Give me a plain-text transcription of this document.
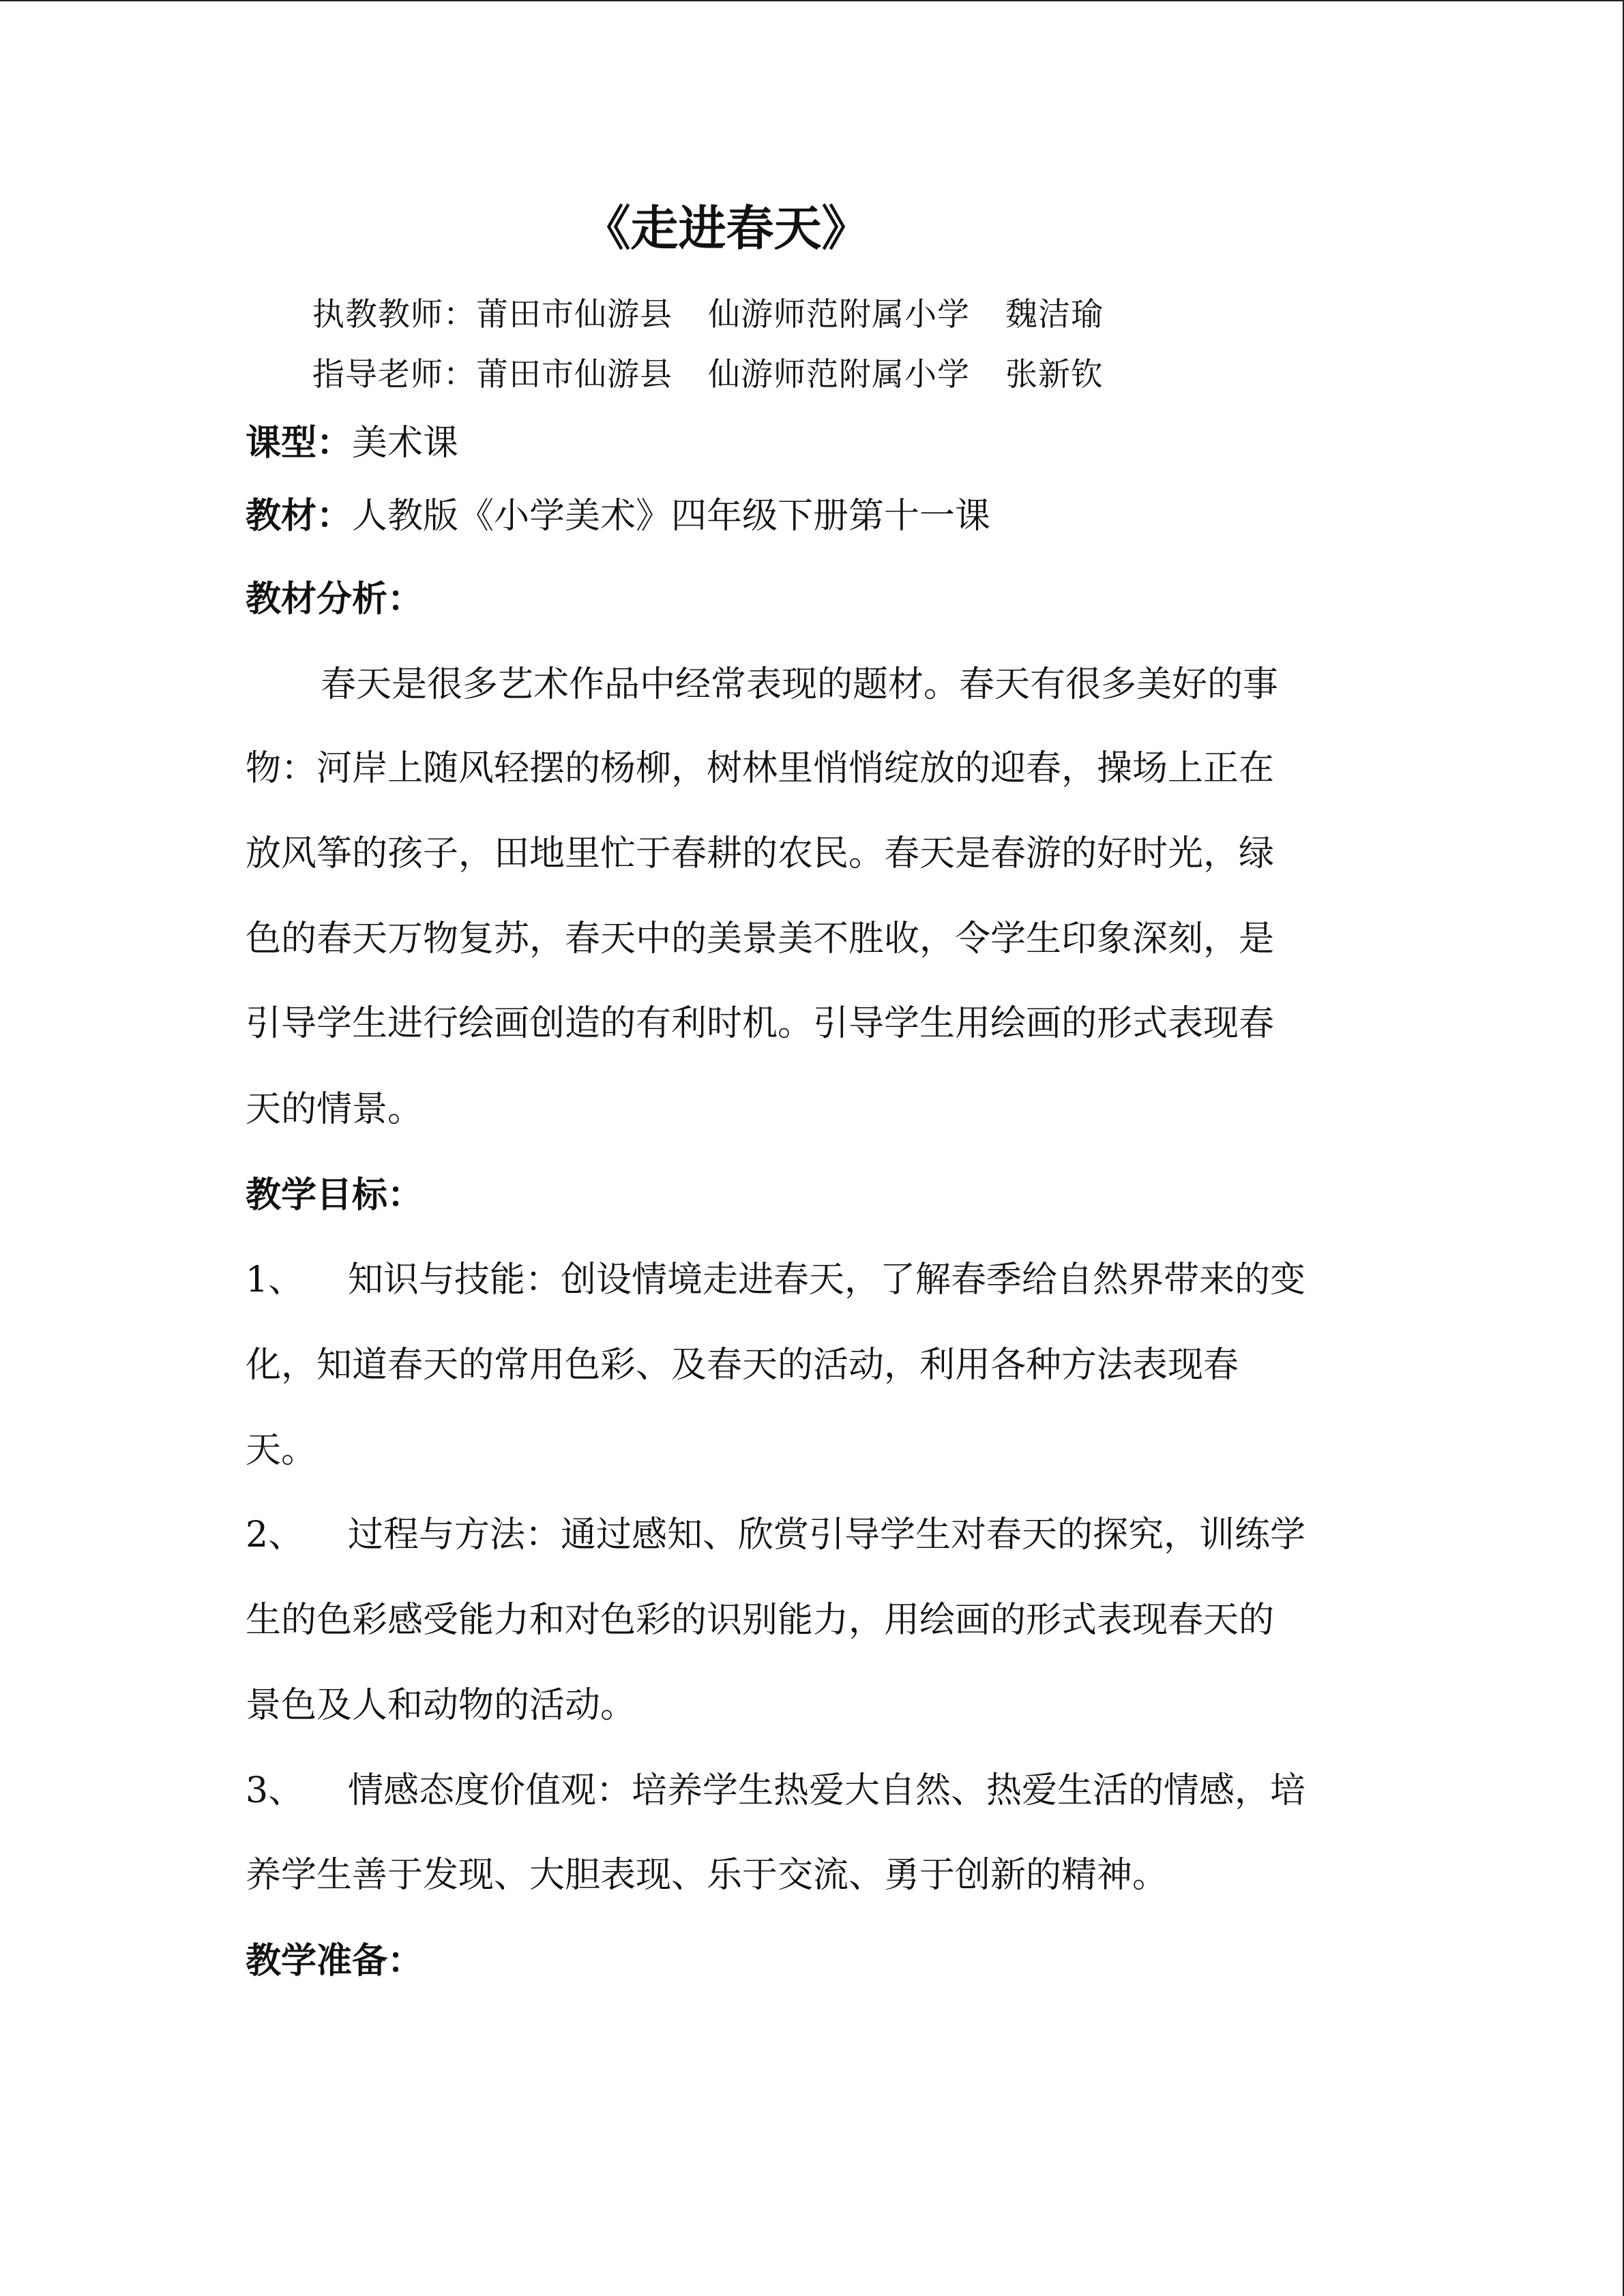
《走进春天》
执教教师：莆田市仙游县 仙游师范附属小学 魏洁瑜
指导老师：莆田市仙游县 仙游师范附属小学 张新钦
课型：美术课
教材：人教版《小学美术》四年级下册第十一课
教材分析：
春天是很多艺术作品中经常表现的题材。春天有很多美好的事
物：河岸上随风轻摆的杨柳，树林里悄悄绽放的迎春，操场上正在
放风筝的孩子，田地里忙于春耕的农民。春天是春游的好时光，绿
色的春天万物复苏，春天中的美景美不胜收，令学生印象深刻，是
引导学生进行绘画创造的有利时机。引导学生用绘画的形式表现春
天的情景。
教学目标：
1、 知识与技能：创设情境走进春天，了解春季给自然界带来的变
化，知道春天的常用色彩、及春天的活动，利用各种方法表现春
天。
2、 过程与方法：通过感知、欣赏引导学生对春天的探究，训练学
生的色彩感受能力和对色彩的识别能力，用绘画的形式表现春天的
景色及人和动物的活动。
3、 情感态度价值观：培养学生热爱大自然、热爱生活的情感，培
养学生善于发现、大胆表现、乐于交流、勇于创新的精神。
教学准备：
